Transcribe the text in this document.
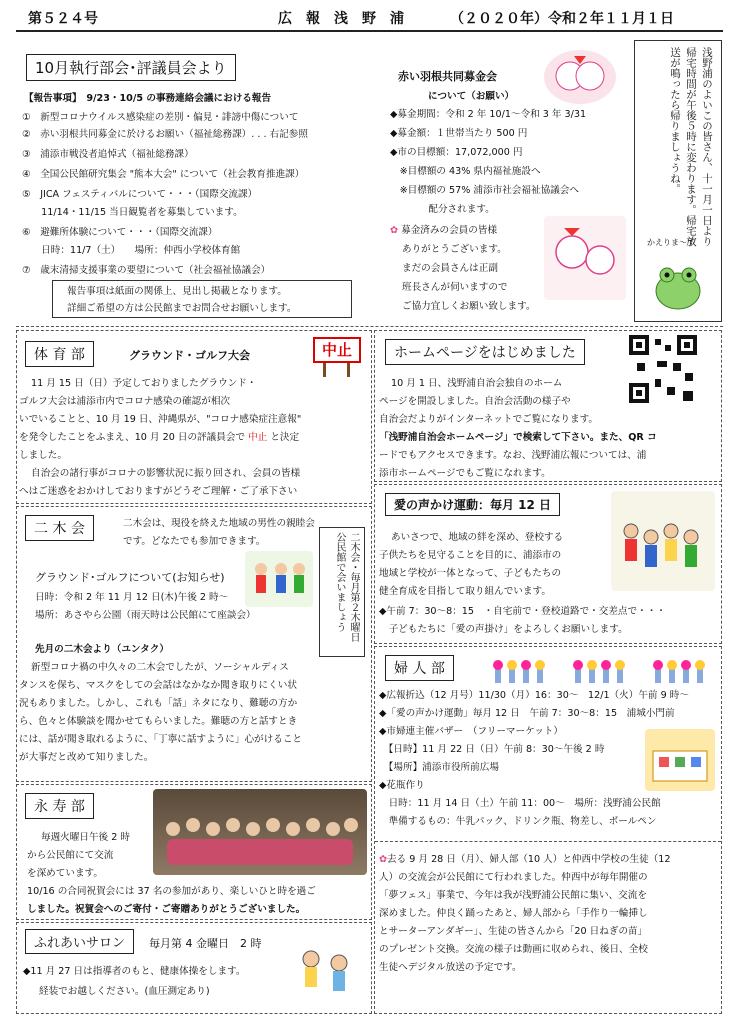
第５２４号	広　報　浅　野　浦	（２０２０年）令和２年１１月１日
10月執行部会･評議員会より
【報告事項】　9/23・10/5 の事務連絡会議における報告
①　新型コロナウイルス感染症の差別・偏見・誹謗中傷について
②　赤い羽根共同募金に於けるお願い（福祉総務課）. . . 右記参照
③　浦添市戦没者追悼式（福祉総務課）
④　全国公民館研究集会 "熊本大会" について（社会教育推進課）
⑤　JICA フェスティバルについて・・・（国際交流課）
　　11/14・11/15 当日観覧者を募集しています。
⑥　避難所体験について・・・（国際交流課）
　　日時：11/7（土）　　場所：仲西小学校体育館
⑦　歳末清掃支援事業の要望について（社会福祉協議会）
報告事項は紙面の関係上、見出し掲載となります。
詳細ご希望の方は公民館までお問合せお願いします。
赤い羽根共同募金会
について（お願い）
◆募金期間：令和 2 年 10/1～令和 3 年 3/31
◆募金額：１世帯当たり 500 円
◆市の目標額：17,072,000 円
　※目標額の 43% 県内福祉施設へ
　※目標額の 57% 浦添市社会福祉協議会へ
　　　　配分されます。
✿ 募金済みの会員の皆様
ありがとうございます。
まだの会員さんは正副
班長さんが伺いますので
ご協力宜しくお願い致します。
浅野浦のよいこの皆さん、十一月一日より帰宅時間が午後５時に変わります。帰宅放送が鳴ったら帰りましょうね。
かえりま～す
体 育 部	グラウンド・ゴルフ大会	中止
11 月 15 日（日）予定しておりましたグラウンド・
ゴルフ大会は浦添市内でコロナ感染の確認が相次
いでいることと、10 月 19 日、沖縄県が、"コロナ感染症注意報"
を発令したことをふまえ、10 月 20 日の評議員会で 中止 と決定
しました。
自治会の諸行事がコロナの影響状況に振り回され、会員の皆様
へはご迷惑をおかけしておりますがどうぞご理解・ご了承下さい
二 木 会	二木会は、現役を終えた地域の男性の親睦会
です。どなたでも参加できます。	二木会・毎月第２木曜日　公民館で会いましょう
グラウンド･ゴルフについて(お知らせ)
日時：令和 2 年 11 月 12 日(木)午後 2 時～
場所：あさやら公園（雨天時は公民館にて座談会）
先月の二木会より（ユンタク）
新型コロナ禍の中久々の二木会でしたが、ソーシャルディス
タンスを保ち、マスクをしての会話はなかなか聞き取りにくい状
況もありました。しかし、これも「話」ネタになり、難聴の方か
ら、色々と体験談を聞かせてもらいました。難聴の方と話すとき
には、話が聞き取れるように、「丁寧に話すように」心がけること
が大事だと改めて知りました。
永 寿 部
毎週火曜日午後 2 時
から公民館にて交流
を深めています。
10/16 の合同祝賀会には 37 名の参加があり、楽しいひと時を過ご
しました。祝賀会へのご寄付・ご寄贈ありがとうございました。
ふれあいサロン	毎月第 4 金曜日　 2 時
◆11 月 27 日は指導者のもと、健康体操をします。
経装でお越しください。(血圧測定あり)
ホームページをはじめました
10 月 1 日、浅野浦自治会独自のホーム
ページを開設しました。自治会活動の様子や
自治会だよりがインターネットでご覧になります。
「浅野浦自治会ホームページ」で検索して下さい。また、QR コ
ードでもアクセスできます。なお、浅野浦広報については、浦
添市ホームページでもご覧になれます。
愛の声かけ運動：毎月 12 日
あいさつで、地域の絆を深め、登校する
子供たちを見守ることを目的に、浦添市の
地域と学校が一体となって、子どもたちの
健全育成を目指して取り組んでいます。
◆午前 7：30～8：15　・自宅前で・登校道路で・交差点で・・・
　子どもたちに「愛の声掛け」をよろしくお願いします。
婦 人 部
◆広報折込（12 月号）11/30（月）16：30～　12/1（火）午前 9 時～
◆「愛の声かけ運動」毎月 12 日　午前 7：30～8：15　浦城小門前
◆市婦連主催バザー　（フリーマーケット）
　【日時】11 月 22 日（日）午前 8：30～午後 2 時
　【場所】浦添市役所前広場
◆花瓶作り
　日時：11 月 14 日（土）午前 11：00～　場所：浅野浦公民館
　準備するもの：牛乳パック、ドリンク瓶、物差し、ボールペン
✿去る 9 月 28 日（月）、婦人部（10 人）と仲西中学校の生徒（12
人）の交流会が公民館にて行われました。仲西中が毎年開催の
「夢フェス」事業で、今年は我が浅野浦公民館に集い、交流を
深めました。仲良く踊ったあと、婦人部から「手作り一輪挿し
とサーターアンダギー」、生徒の皆さんから「20 日ねぎの苗」
のプレゼント交換。交流の様子は動画に収められ、後日、全校
生徒へデジタル放送の予定です。
